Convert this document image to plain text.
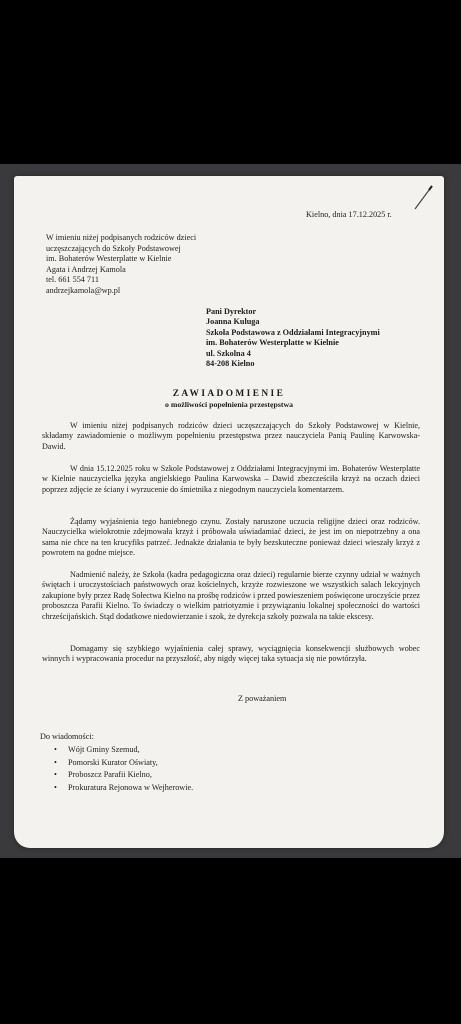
Kielno, dnia 17.12.2025 r.
W imieniu niżej podpisanych rodziców dzieci
uczęszczających do Szkoły Podstawowej
im. Bohaterów Westerplatte w Kielnie
Agata i Andrzej Kamola
tel. 661 554 711
andrzejkamola@wp.pl
Pani Dyrektor
Joanna Kuluga
Szkoła Podstawowa z Oddziałami Integracyjnymi
im. Bohaterów Westerplatte w Kielnie
ul. Szkolna 4
84-208 Kielno
ZAWIADOMIENIE
o możliwości popełnienia przestępstwa
W imieniu niżej podpisanych rodziców dzieci uczęszczających do Szkoły Podstawowej w Kielnie, składamy zawiadomienie o możliwym popełnieniu przestępstwa przez nauczyciela Panią Paulinę Karwowska-Dawid.
W dnia 15.12.2025 roku w Szkole Podstawowej z Oddziałami Integracyjnymi im. Bohaterów Westerplatte w Kielnie nauczycielka języka angielskiego Paulina Karwowska – Dawid zbezcześciła krzyż na oczach dzieci poprzez zdjęcie ze ściany i wyrzucenie do śmietnika z niegodnym nauczyciela komentarzem.
Żądamy wyjaśnienia tego haniebnego czynu. Zostały naruszone uczucia religijne dzieci oraz rodziców. Nauczycielka wielokrotnie zdejmowała krzyż i próbowała uświadamiać dzieci, że jest im on niepotrzebny a ona sama nie chce na ten krucyfiks patrzeć. Jednakże działania te były bezskuteczne ponieważ dzieci wieszały krzyż z powrotem na godne miejsce.
Nadmienić należy, że Szkoła (kadra pedagogiczna oraz dzieci) regularnie bierze czynny udział w ważnych świętach i uroczystościach państwowych oraz kościelnych, krzyże rozwieszone we wszystkich salach lekcyjnych zakupione były przez Radę Sołectwa Kielno na prośbę rodziców i przed powieszeniem poświęcone uroczyście przez proboszcza Parafii Kielno. To świadczy o wielkim patriotyzmie i przywiązaniu lokalnej społeczności do wartości chrześcijańskich. Stąd dodatkowe niedowierzanie i szok, że dyrekcja szkoły pozwala na takie ekscesy.
Domagamy się szybkiego wyjaśnienia całej sprawy, wyciągnięcia konsekwencji służbowych wobec winnych i wypracowania procedur na przyszłość, aby nigdy więcej taka sytuacja się nie powtórzyła.
Z poważaniem
Do wiadomości:
• Wójt Gminy Szemud,
• Pomorski Kurator Oświaty,
• Proboszcz Parafii Kielno,
• Prokuratura Rejonowa w Wejherowie.
